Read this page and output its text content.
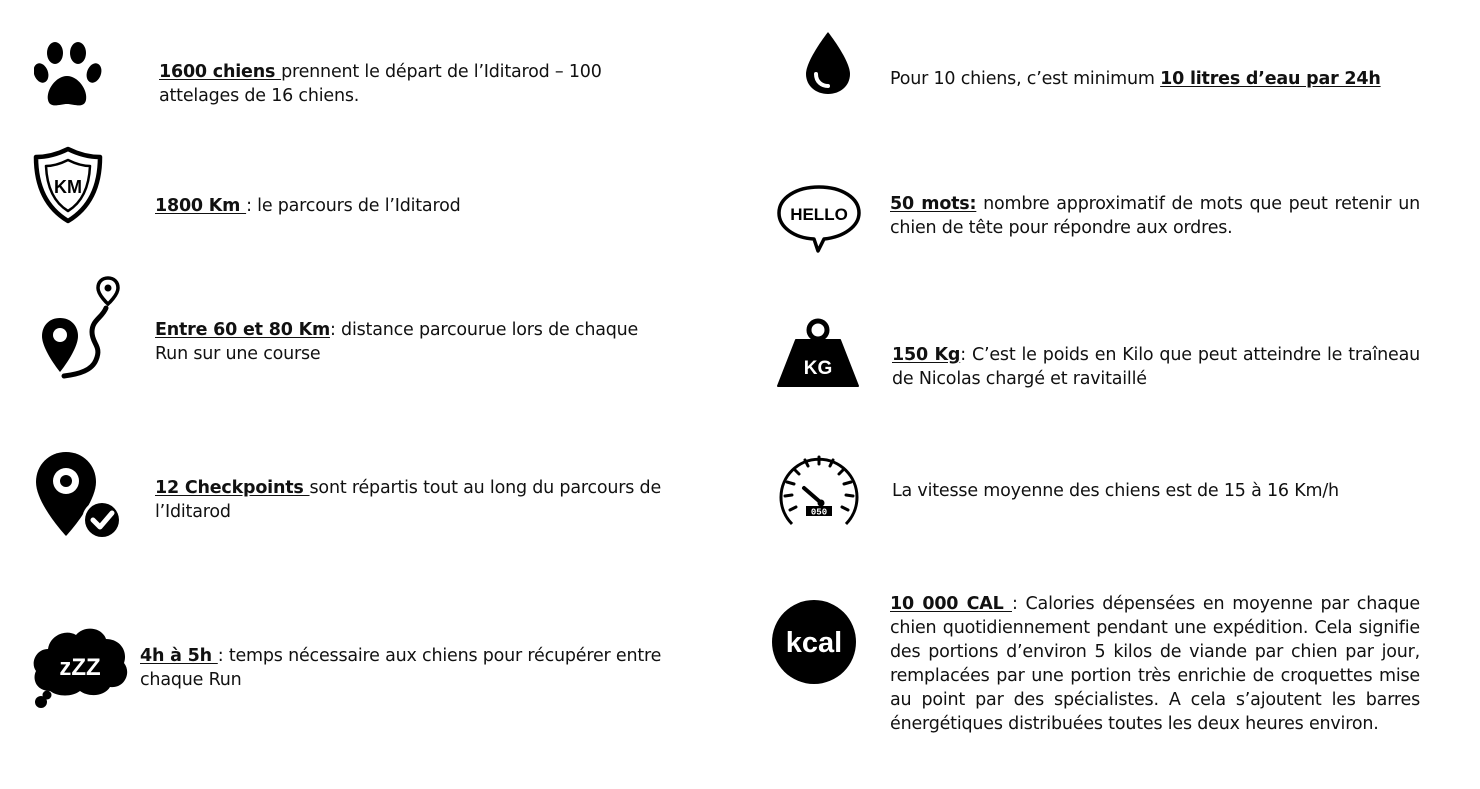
1600 chiens prennent le départ de l’Iditarod – 100 attelages de 16 chiens.
KM
1800 Km : le parcours de l’Iditarod
Entre 60 et 80 Km: distance parcourue lors de chaque Run sur une course
12 Checkpoints sont répartis tout au long du parcours de l’Iditarod
zZZ 4h à 5h : temps nécessaire aux chiens pour récupérer entre chaque Run
Pour 10 chiens, c’est minimum 10 litres d’eau par 24h
HELLO
50 mots: nombre approximatif de mots que peut retenir un chien de tête pour répondre aux ordres.
KG
150 Kg: C’est le poids en Kilo que peut atteindre le traîneau de Nicolas chargé et ravitaillé
050
La vitesse moyenne des chiens est de 15 à 16 Km/h
kcal
10 000 CAL : Calories dépensées en moyenne par chaque chien quotidiennement pendant une expédition. Cela signifie des portions d’environ 5 kilos de viande par chien par jour, remplacées par une portion très enrichie de croquettes mise au point par des spécialistes. A cela s’ajoutent les barres énergétiques distribuées toutes les deux heures environ.
